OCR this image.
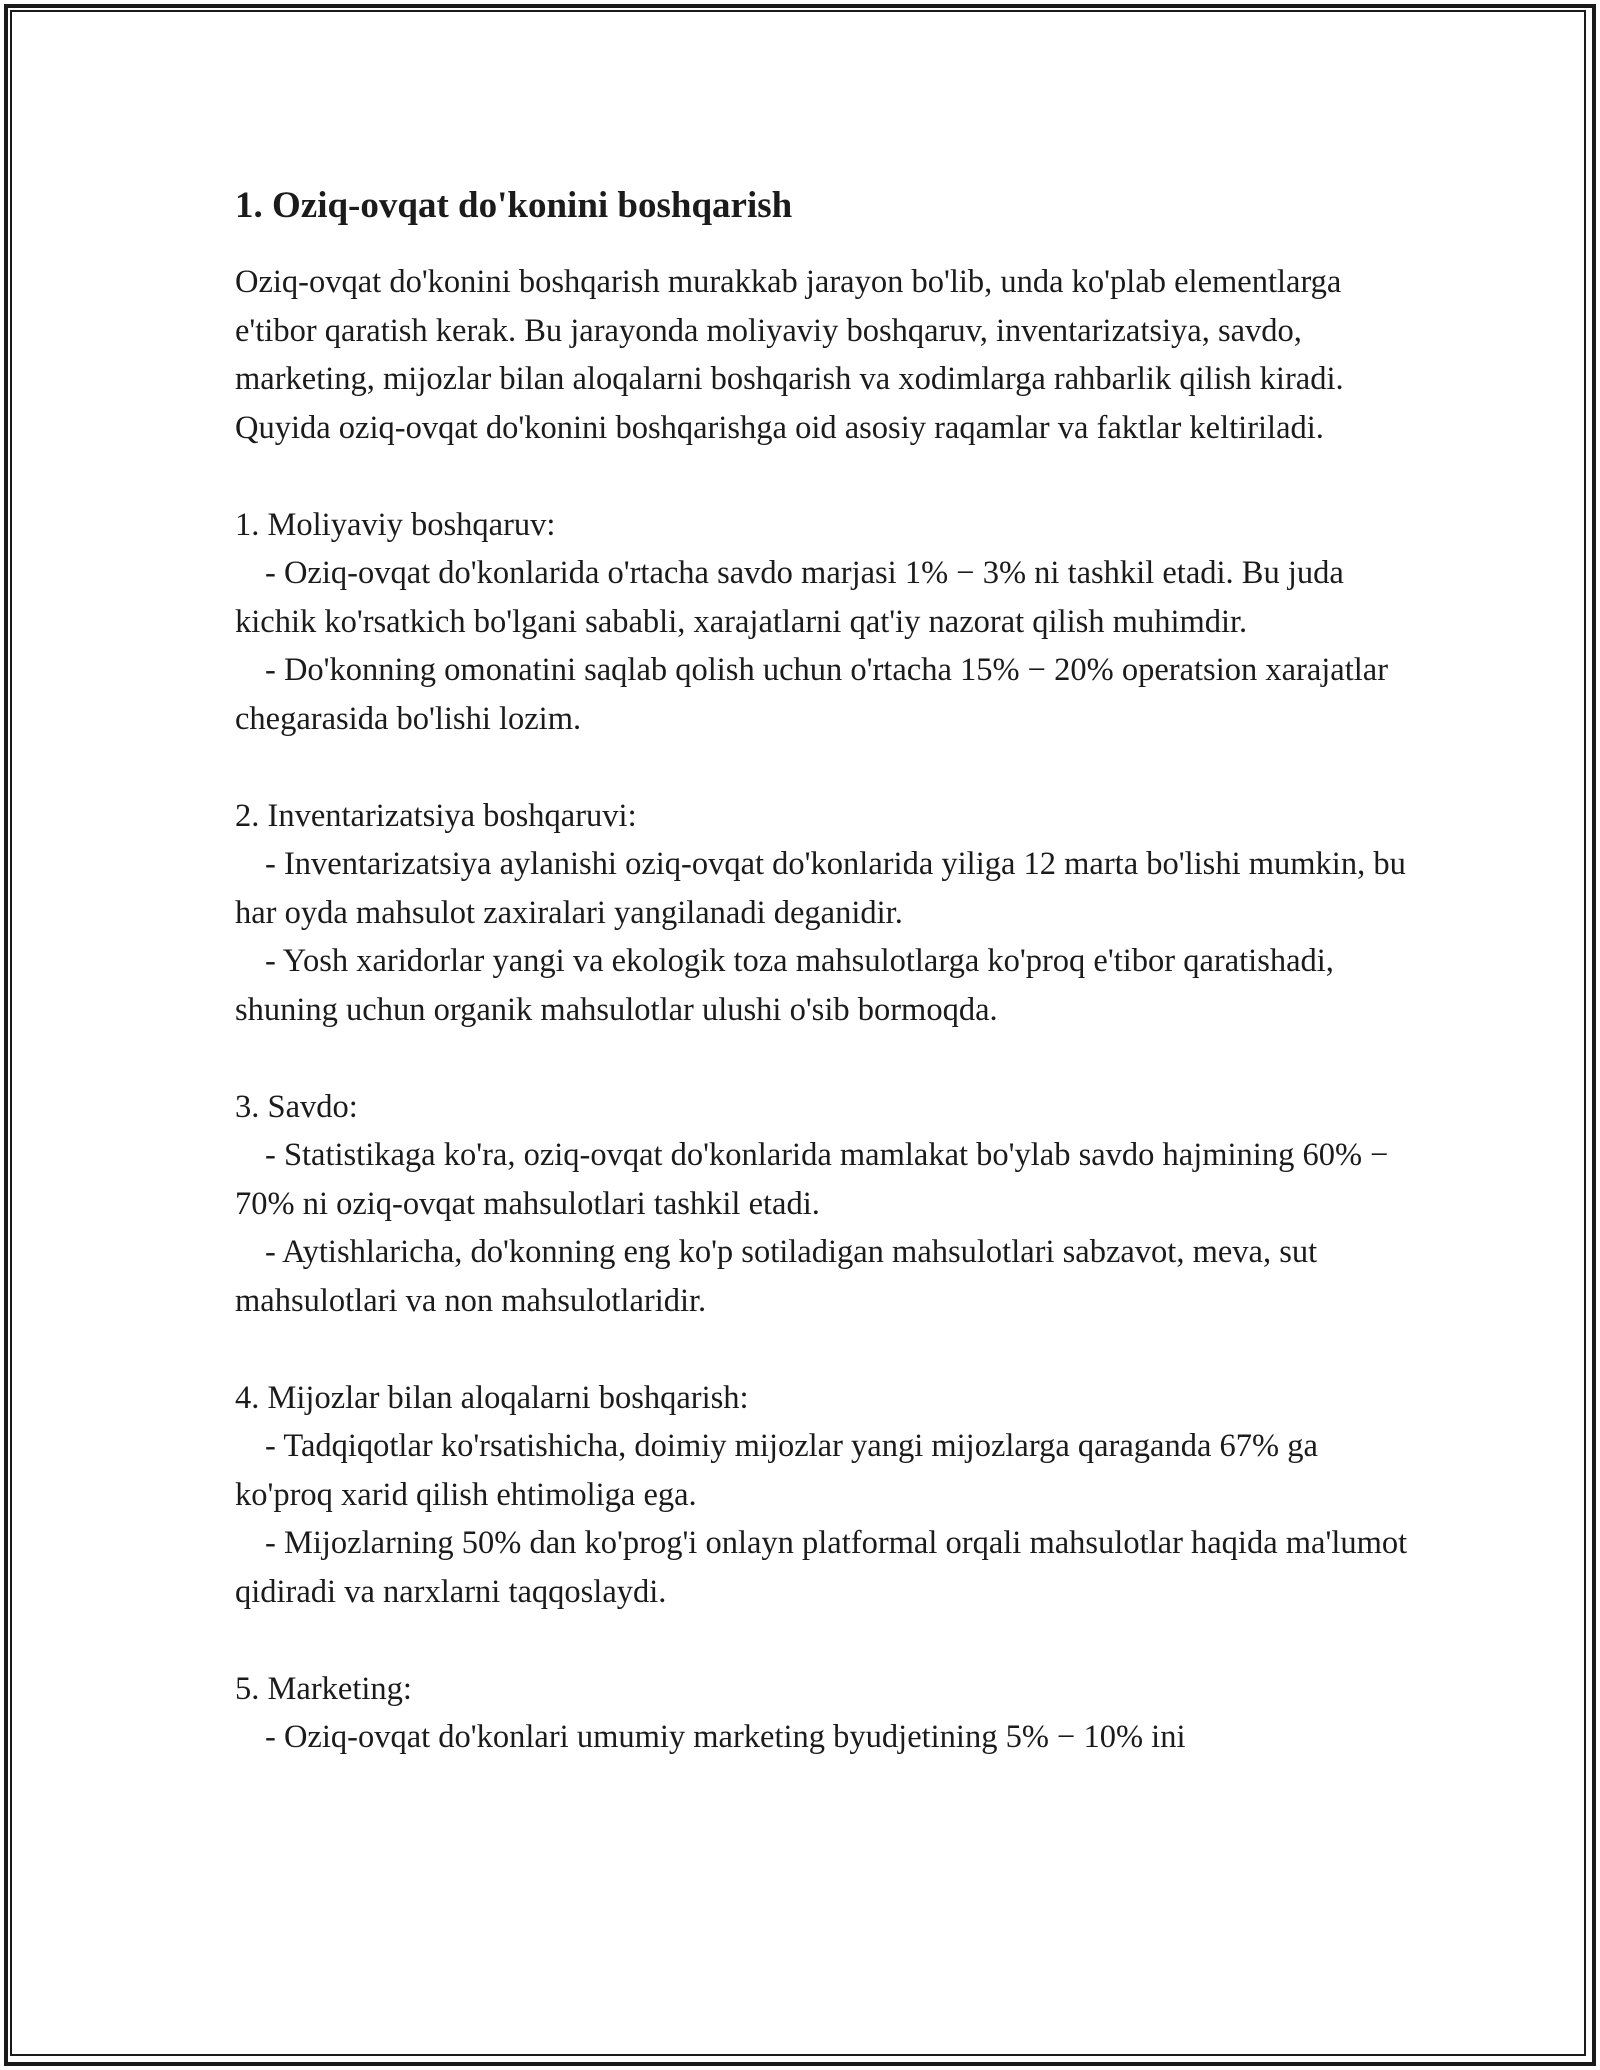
1. Oziq-ovqat do'konini boshqarish

Oziq-ovqat do'konini boshqarish murakkab jarayon bo'lib, unda ko'plab elementlarga e'tibor qaratish kerak. Bu jarayonda moliyaviy boshqaruv, inventarizatsiya, savdo, marketing, mijozlar bilan aloqalarni boshqarish va xodimlarga rahbarlik qilish kiradi. Quyida oziq-ovqat do'konini boshqarishga oid asosiy raqamlar va faktlar keltiriladi.

1. Moliyaviy boshqaruv:

- Oziq-ovqat do'konlarida o'rtacha savdo marjasi 1% − 3% ni tashkil etadi. Bu juda kichik ko'rsatkich bo'lgani sababli, xarajatlarni qat'iy nazorat qilish muhimdir.

- Do'konning omonatini saqlab qolish uchun o'rtacha 15% − 20% operatsion xarajatlar chegarasida bo'lishi lozim.

2. Inventarizatsiya boshqaruvi:

- Inventarizatsiya aylanishi oziq-ovqat do'konlarida yiliga 12 marta bo'lishi mumkin, bu har oyda mahsulot zaxiralari yangilanadi deganidir.

- Yosh xaridorlar yangi va ekologik toza mahsulotlarga ko'proq e'tibor qaratishadi, shuning uchun organik mahsulotlar ulushi o'sib bormoqda.

3. Savdo:

- Statistikaga ko'ra, oziq-ovqat do'konlarida mamlakat bo'ylab savdo hajmining 60% − 70% ni oziq-ovqat mahsulotlari tashkil etadi.

- Aytishlaricha, do'konning eng ko'p sotiladigan mahsulotlari sabzavot, meva, sut mahsulotlari va non mahsulotlaridir.

4. Mijozlar bilan aloqalarni boshqarish:

- Tadqiqotlar ko'rsatishicha, doimiy mijozlar yangi mijozlarga qaraganda 67% ga ko'proq xarid qilish ehtimoliga ega.

- Mijozlarning 50% dan ko'prog'i onlayn platformal orqali mahsulotlar haqida ma'lumot qidiradi va narxlarni taqqoslaydi.

5. Marketing:

- Oziq-ovqat do'konlari umumiy marketing byudjetining 5% − 10% ini
